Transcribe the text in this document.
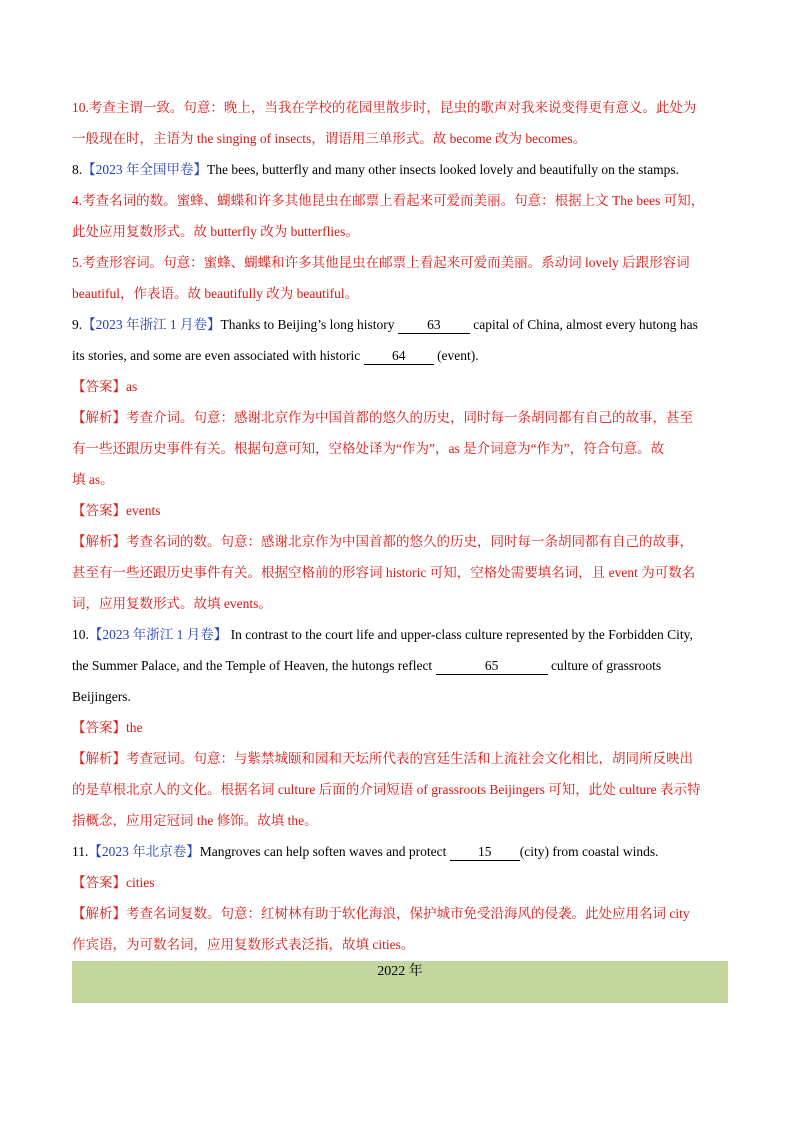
10.考查主谓一致。句意：晚上，当我在学校的花园里散步时，昆虫的歌声对我来说变得更有意义。此处为

一般现在时，主语为 the singing of insects，谓语用三单形式。故 become 改为 becomes。

8.【2023 年全国甲卷】The bees, butterfly and many other insects looked lovely and beautifully on the stamps.

4.考查名词的数。蜜蜂、蝴蝶和许多其他昆虫在邮票上看起来可爱而美丽。句意：根据上文 The bees 可知，

此处应用复数形式。故 butterfly 改为 butterflies。

5.考查形容词。句意：蜜蜂、蝴蝶和许多其他昆虫在邮票上看起来可爱而美丽。系动词 lovely 后跟形容词

beautiful，作表语。故 beautifully 改为 beautiful。

9.【2023 年浙江 1 月卷】Thanks to Beijing’s long history 63 capital of China, almost every hutong has

its stories, and some are even associated with historic 64 (event).

【答案】as

【解析】考查介词。句意：感谢北京作为中国首都的悠久的历史，同时每一条胡同都有自己的故事，甚至

有一些还跟历史事件有关。根据句意可知，空格处译为“作为”，as 是介词意为“作为”，符合句意。故

填 as。

【答案】events

【解析】考查名词的数。句意：感谢北京作为中国首都的悠久的历史，同时每一条胡同都有自己的故事，

甚至有一些还跟历史事件有关。根据空格前的形容词 historic 可知，空格处需要填名词，且 event 为可数名

词，应用复数形式。故填 events。

10.【2023 年浙江 1 月卷】 In contrast to the court life and upper-class culture represented by the Forbidden City,

the Summer Palace, and the Temple of Heaven, the hutongs reflect	65	culture of grassroots

Beijingers.

【答案】the

【解析】考查冠词。句意：与紫禁城颐和园和天坛所代表的宫廷生活和上流社会文化相比，胡同所反映出

的是草根北京人的文化。根据名词 culture 后面的介词短语 of grassroots Beijingers 可知，此处 culture 表示特

指概念，应用定冠词 the 修饰。故填 the。

11.【2023 年北京卷】Mangroves can help soften waves and protect 15 (city) from coastal winds.

【答案】cities

【解析】考查名词复数。句意：红树林有助于软化海浪，保护城市免受沿海风的侵袭。此处应用名词 city

作宾语，为可数名词，应用复数形式表泛指，故填 cities。

2022 年
